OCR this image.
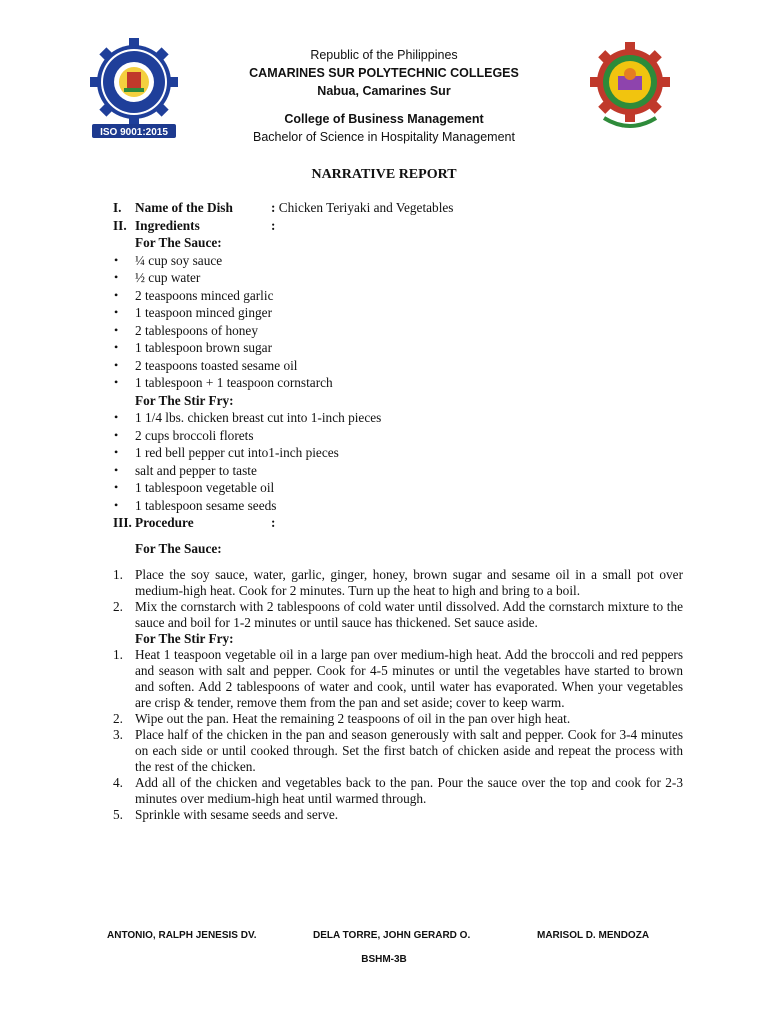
ISO 9001:2015
Republic of the Philippines
CAMARINES SUR POLYTECHNIC COLLEGES
Nabua, Camarines Sur
College of Business Management
Bachelor of Science in Hospitality Management
NARRATIVE REPORT
I. Name of the Dish	: Chicken Teriyaki and Vegetables
II. Ingredients	:
For The Sauce:
• ¼ cup soy sauce
• ½ cup water
• 2 teaspoons minced garlic
• 1 teaspoon minced ginger
• 2 tablespoons of honey
• 1 tablespoon brown sugar
• 2 teaspoons toasted sesame oil
• 1 tablespoon + 1 teaspoon cornstarch
For The Stir Fry:
• 1 1/4 lbs. chicken breast cut into 1-inch pieces
• 2 cups broccoli florets
• 1 red bell pepper cut into1-inch pieces
• salt and pepper to taste
• 1 tablespoon vegetable oil
• 1 tablespoon sesame seeds
III. Procedure	:
For The Sauce:
1. Place the soy sauce, water, garlic, ginger, honey, brown sugar and sesame oil in a small pot over medium-high heat. Cook for 2 minutes. Turn up the heat to high and bring to a boil.
2. Mix the cornstarch with 2 tablespoons of cold water until dissolved. Add the cornstarch mixture to the sauce and boil for 1-2 minutes or until sauce has thickened. Set sauce aside.
For The Stir Fry:
1. Heat 1 teaspoon vegetable oil in a large pan over medium-high heat. Add the broccoli and red peppers and season with salt and pepper. Cook for 4-5 minutes or until the vegetables have started to brown and soften. Add 2 tablespoons of water and cook, until water has evaporated. When your vegetables are crisp & tender, remove them from the pan and set aside; cover to keep warm.
2. Wipe out the pan. Heat the remaining 2 teaspoons of oil in the pan over high heat.
3. Place half of the chicken in the pan and season generously with salt and pepper. Cook for 3-4 minutes on each side or until cooked through. Set the first batch of chicken aside and repeat the process with the rest of the chicken.
4. Add all of the chicken and vegetables back to the pan. Pour the sauce over the top and cook for 2-3 minutes over medium-high heat until warmed through.
5. Sprinkle with sesame seeds and serve.
ANTONIO, RALPH JENESIS DV.	DELA TORRE, JOHN GERARD O.	MARISOL D. MENDOZA
BSHM-3B
